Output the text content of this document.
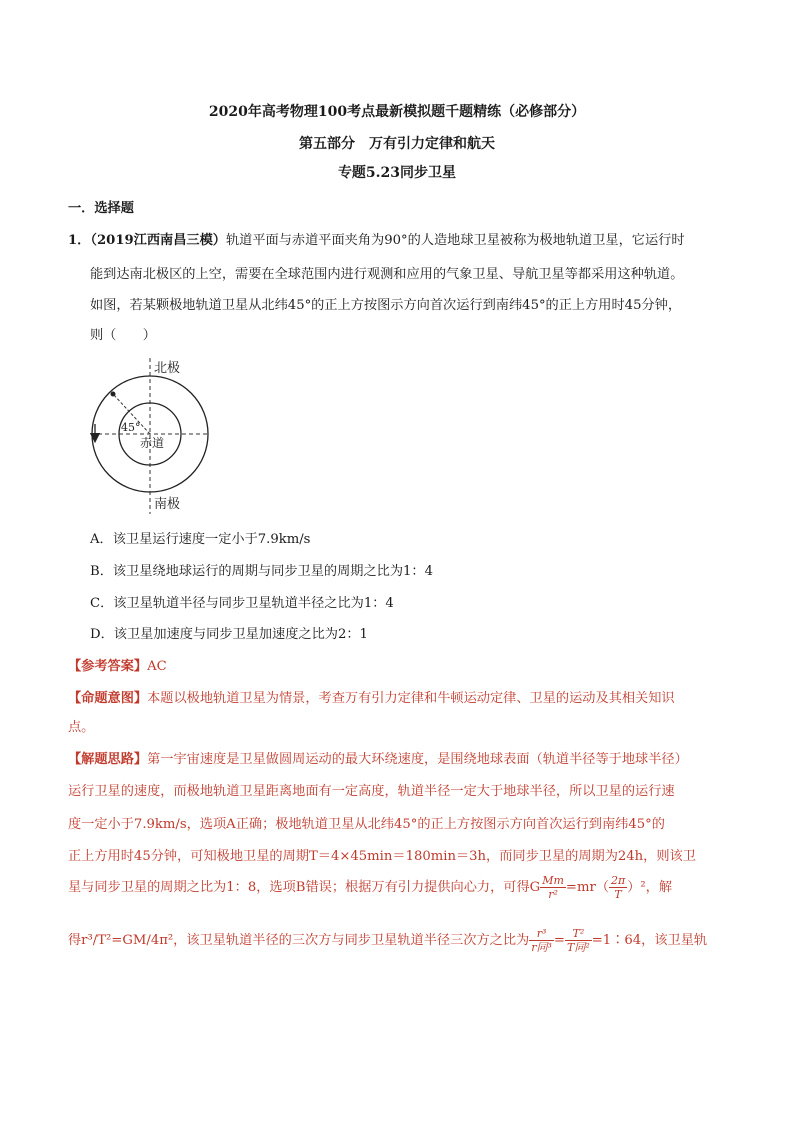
2020年高考物理100考点最新模拟题千题精练（必修部分）
第五部分　万有引力定律和航天
专题5.23同步卫星
一．选择题
1．（2019江西南昌三模）轨道平面与赤道平面夹角为90°的人造地球卫星被称为极地轨道卫星，它运行时
能到达南北极区的上空，需要在全球范围内进行观测和应用的气象卫星、导航卫星等都采用这种轨道。
如图，若某颗极地轨道卫星从北纬45°的正上方按图示方向首次运行到南纬45°的正上方用时45分钟，
则（　　）
北极
南极
赤道
45°
A．该卫星运行速度一定小于7.9km/s
B．该卫星绕地球运行的周期与同步卫星的周期之比为1：4
C．该卫星轨道半径与同步卫星轨道半径之比为1：4
D．该卫星加速度与同步卫星加速度之比为2：1
【参考答案】AC
【命题意图】本题以极地轨道卫星为情景，考查万有引力定律和牛顿运动定律、卫星的运动及其相关知识
点。
【解题思路】第一宇宙速度是卫星做圆周运动的最大环绕速度，是围绕地球表面（轨道半径等于地球半径）
运行卫星的速度，而极地轨道卫星距离地面有一定高度，轨道半径一定大于地球半径，所以卫星的运行速
度一定小于7.9km/s，选项A正确；极地轨道卫星从北纬45°的正上方按图示方向首次运行到南纬45°的
正上方用时45分钟，可知极地卫星的周期T＝4×45min＝180min＝3h，而同步卫星的周期为24h，则该卫
星与同步卫星的周期之比为1：8，选项B错误；根据万有引力提供向心力，可得G $\frac{Mm}{\text{r²}} =mr( \frac{2\pi}{T} )^2$，解
得r³/T²=GM/4π²，该卫星轨道半径的三次方与同步卫星轨道半径三次方之比为 $\frac{\text{r³}}{\text{r同³}} = \frac{\text{T²}}{\text{T同²}}$ =1∶64，该卫星轨
